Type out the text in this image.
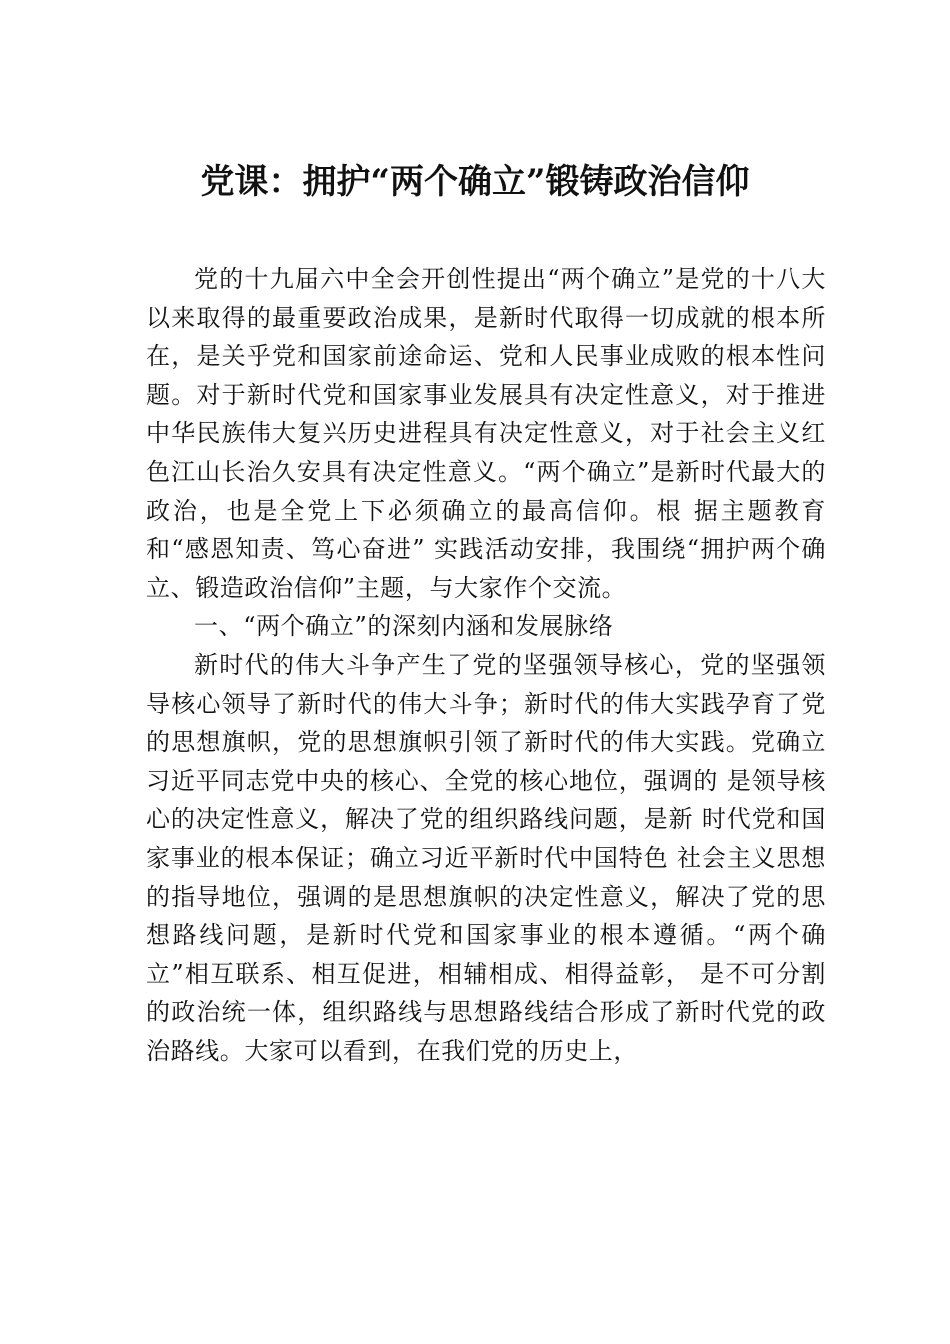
党课：拥护“两个确立”锻铸政治信仰

党的十九届六中全会开创性提出“两个确立”是党的十八大以来取得的最重要政治成果，是新时代取得一切成就的根本所在，是关乎党和国家前途命运、党和人民事业成败的根本性问题。对于新时代党和国家事业发展具有决定性意义，对于推进中华民族伟大复兴历史进程具有决定性意义，对于社会主义红色江山长治久安具有决定性意义。“两个确立”是新时代最大的政治，也是全党上下必须确立的最高信仰。根 据主题教育和“感恩知责、笃心奋进” 实践活动安排，我围绕“拥护两个确立、锻造政治信仰”主题，与大家作个交流。

一、“两个确立”的深刻内涵和发展脉络

新时代的伟大斗争产生了党的坚强领导核心，党的坚强领导核心领导了新时代的伟大斗争；新时代的伟大实践孕育了党的思想旗帜，党的思想旗帜引领了新时代的伟大实践。党确立习近平同志党中央的核心、全党的核心地位，强调的 是领导核心的决定性意义，解决了党的组织路线问题，是新 时代党和国家事业的根本保证；确立习近平新时代中国特色 社会主义思想的指导地位，强调的是思想旗帜的决定性意义，解决了党的思想路线问题，是新时代党和国家事业的根本遵循。“两个确立”相互联系、相互促进，相辅相成、相得益彰， 是不可分割的政治统一体，组织路线与思想路线结合形成了新时代党的政治路线。大家可以看到，在我们党的历史上，
